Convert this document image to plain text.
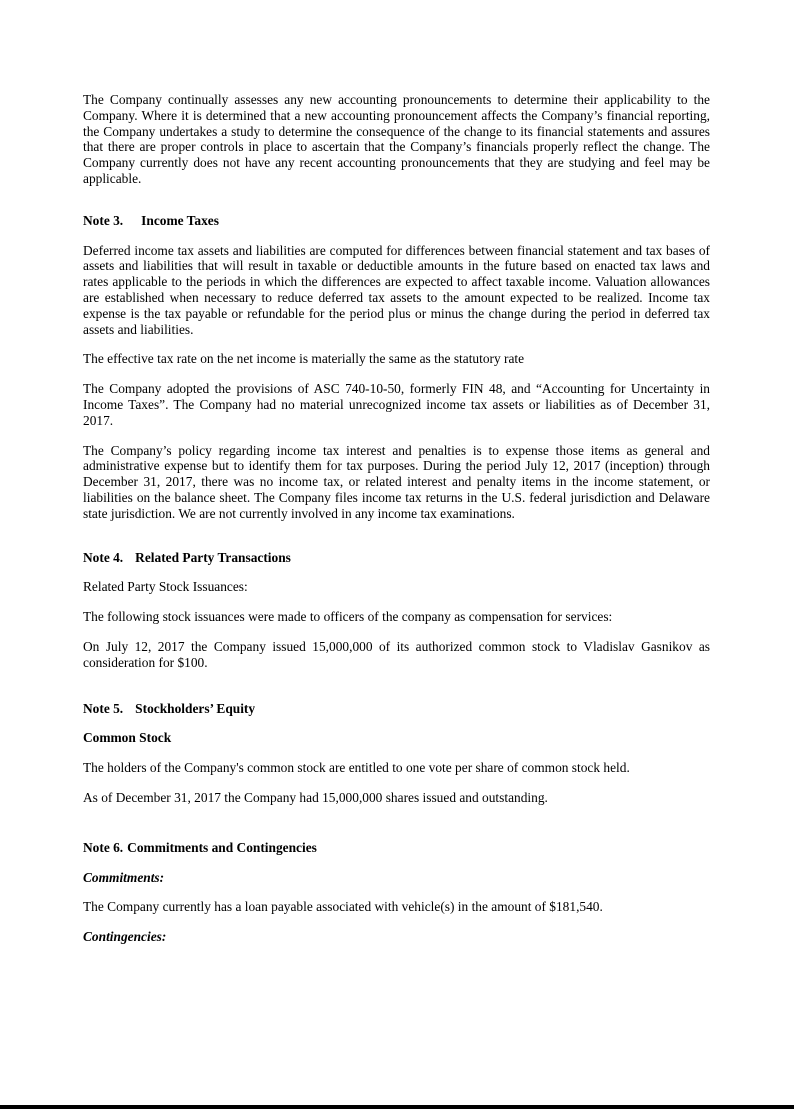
The Company continually assesses any new accounting pronouncements to determine their applicability to the Company. Where it is determined that a new accounting pronouncement affects the Company’s financial reporting, the Company undertakes a study to determine the consequence of the change to its financial statements and assures that there are proper controls in place to ascertain that the Company’s financials properly reflect the change. The Company currently does not have any recent accounting pronouncements that they are studying and feel may be applicable.

Note 3. Income Taxes

Deferred income tax assets and liabilities are computed for differences between financial statement and tax bases of assets and liabilities that will result in taxable or deductible amounts in the future based on enacted tax laws and rates applicable to the periods in which the differences are expected to affect taxable income. Valuation allowances are established when necessary to reduce deferred tax assets to the amount expected to be realized. Income tax expense is the tax payable or refundable for the period plus or minus the change during the period in deferred tax assets and liabilities.

The effective tax rate on the net income is materially the same as the statutory rate

The Company adopted the provisions of ASC 740-10-50, formerly FIN 48, and “Accounting for Uncertainty in Income Taxes”. The Company had no material unrecognized income tax assets or liabilities as of December 31, 2017.

The Company’s policy regarding income tax interest and penalties is to expense those items as general and administrative expense but to identify them for tax purposes. During the period July 12, 2017 (inception) through December 31, 2017, there was no income tax, or related interest and penalty items in the income statement, or liabilities on the balance sheet. The Company files income tax returns in the U.S. federal jurisdiction and Delaware state jurisdiction. We are not currently involved in any income tax examinations.

Note 4. Related Party Transactions

Related Party Stock Issuances:

The following stock issuances were made to officers of the company as compensation for services:

On July 12, 2017 the Company issued 15,000,000 of its authorized common stock to Vladislav Gasnikov as consideration for $100.

Note 5. Stockholders’ Equity

Common Stock

The holders of the Company's common stock are entitled to one vote per share of common stock held.

As of December 31, 2017 the Company had 15,000,000 shares issued and outstanding.

Note 6. Commitments and Contingencies

Commitments:

The Company currently has a loan payable associated with vehicle(s) in the amount of $181,540.

Contingencies:
